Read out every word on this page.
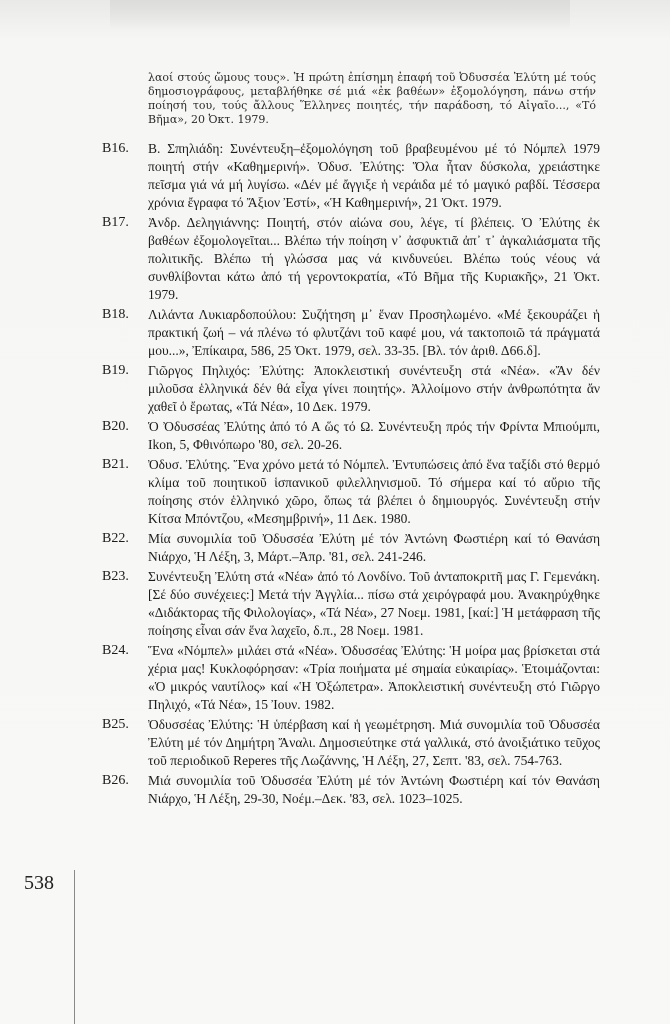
λαοί στούς ὤμους τους». Ἡ πρώτη ἐπίσημη ἐπαφή τοῦ Ὀδυσσέα Ἐλύτη μέ τούς δημοσιογράφους, μεταβλήθηκε σέ μιά «ἐκ βαθέων» ἐξομολόγηση, πάνω στήν ποίησή του, τούς ἄλλους Ἕλληνες ποιητές, τήν παράδοση, τό Αἰγαῖο..., «Τό Βῆμα», 20 Ὀκτ. 1979.
B16.	Β. Σπηλιάδη: Συνέντευξη–ἐξομολόγηση τοῦ βραβευμένου μέ τό Νόμπελ 1979 ποιητή στήν «Καθημερινή». Ὀδυσ. Ἐλύτης: Ὅλα ἦταν δύσκολα, χρειάστηκε πεῖσμα γιά νά μή λυγίσω. «Δέν μέ ἄγγιξε ἡ νεράιδα μέ τό μαγικό ραβδί. Τέσσερα χρόνια ἔγραφα τό Ἄξιον Ἐστί», «Ἡ Καθημερινή», 21 Ὀκτ. 1979.
B17.	Ἀνδρ. Δεληγιάννης: Ποιητή, στόν αἰώνα σου, λέγε, τί βλέπεις. Ὁ Ἐλύτης ἐκ βαθέων ἐξομολογεῖται... Βλέπω τήν ποίηση ν᾽ ἀσφυκτιᾶ ἀπ᾽ τ᾽ ἀγκαλιάσματα τῆς πολιτικῆς. Βλέπω τή γλώσσα μας νά κινδυνεύει. Βλέπω τούς νέους νά συνθλίβονται κάτω ἀπό τή γεροντοκρατία, «Τό Βῆμα τῆς Κυριακῆς», 21 Ὀκτ. 1979.
B18.	Λιλάντα Λυκιαρδοπούλου: Συζήτηση μ᾽ ἕναν Προσηλωμένο. «Μέ ξεκουράζει ἡ πρακτική ζωή – νά πλένω τό φλυτζάνι τοῦ καφέ μου, νά τακτοποιῶ τά πράγματά μου...», Ἐπίκαιρα, 586, 25 Ὀκτ. 1979, σελ. 33-35. [Βλ. τόν ἀριθ. Δ66.δ].
B19.	Γιῶργος Πηλιχός: Ἐλύτης: Ἀποκλειστική συνέντευξη στά «Νέα». «Ἄν δέν μιλοῦσα ἑλληνικά δέν θά εἶχα γίνει ποιητής». Ἀλλοίμονο στήν ἀνθρωπότητα ἄν χαθεῖ ὁ ἔρωτας, «Τά Νέα», 10 Δεκ. 1979.
B20.	Ὁ Ὀδυσσέας Ἐλύτης ἀπό τό Α ὥς τό Ω. Συνέντευξη πρός τήν Φρίντα Μπιούμπι, Ikon, 5, Φθινόπωρο '80, σελ. 20-26.
B21.	Ὀδυσ. Ἐλύτης. Ἕνα χρόνο μετά τό Νόμπελ. Ἐντυπώσεις ἀπό ἕνα ταξίδι στό θερμό κλίμα τοῦ ποιητικοῦ ἱσπανικοῦ φιλελληνισμοῦ. Τό σήμερα καί τό αὔριο τῆς ποίησης στόν ἑλληνικό χῶρο, ὅπως τά βλέπει ὁ δημιουργός. Συνέντευξη στήν Κίτσα Μπόντζου, «Μεσημβρινή», 11 Δεκ. 1980.
B22.	Μία συνομιλία τοῦ Ὀδυσσέα Ἐλύτη μέ τόν Ἀντώνη Φωστιέρη καί τό Θανάση Νιάρχο, Ἡ Λέξη, 3, Μάρτ.–Ἀπρ. '81, σελ. 241-246.
B23.	Συνέντευξη Ἐλύτη στά «Νέα» ἀπό τό Λονδίνο. Τοῦ ἀνταποκριτῆ μας Γ. Γεμενάκη. [Σέ δύο συνέχειες:] Μετά τήν Ἀγγλία... πίσω στά χειρόγραφά μου. Ἀνακηρύχθηκε «Διδάκτορας τῆς Φιλολογίας», «Τά Νέα», 27 Νοεμ. 1981, [καί:] Ἡ μετάφραση τῆς ποίησης εἶναι σάν ἕνα λαχεῖο, δ.π., 28 Νοεμ. 1981.
B24.	Ἕνα «Νόμπελ» μιλάει στά «Νέα». Ὀδυσσέας Ἐλύτης: Ἡ μοίρα μας βρίσκεται στά χέρια μας! Κυκλοφόρησαν: «Τρία ποιήματα μέ σημαία εὐκαιρίας». Ἑτοιμάζονται: «Ὁ μικρός ναυτίλος» καί «Ἡ Ὀξώπετρα». Ἀποκλειστική συνέντευξη στό Γιῶργο Πηλιχό, «Τά Νέα», 15 Ἰουν. 1982.
B25.	Ὀδυσσέας Ἐλύτης: Ἡ ὑπέρβαση καί ἡ γεωμέτρηση. Μιά συνομιλία τοῦ Ὀδυσσέα Ἐλύτη μέ τόν Δημήτρη Ἄναλι. Δημοσιεύτηκε στά γαλλικά, στό ἀνοιξιάτικο τεῦχος τοῦ περιοδικοῦ Reperes τῆς Λωζάννης, Ἡ Λέξη, 27, Σεπτ. '83, σελ. 754-763.
B26.	Μιά συνομιλία τοῦ Ὀδυσσέα Ἐλύτη μέ τόν Ἀντώνη Φωστιέρη καί τόν Θανάση Νιάρχο, Ἡ Λέξη, 29-30, Νοέμ.–Δεκ. '83, σελ. 1023–1025.
538
